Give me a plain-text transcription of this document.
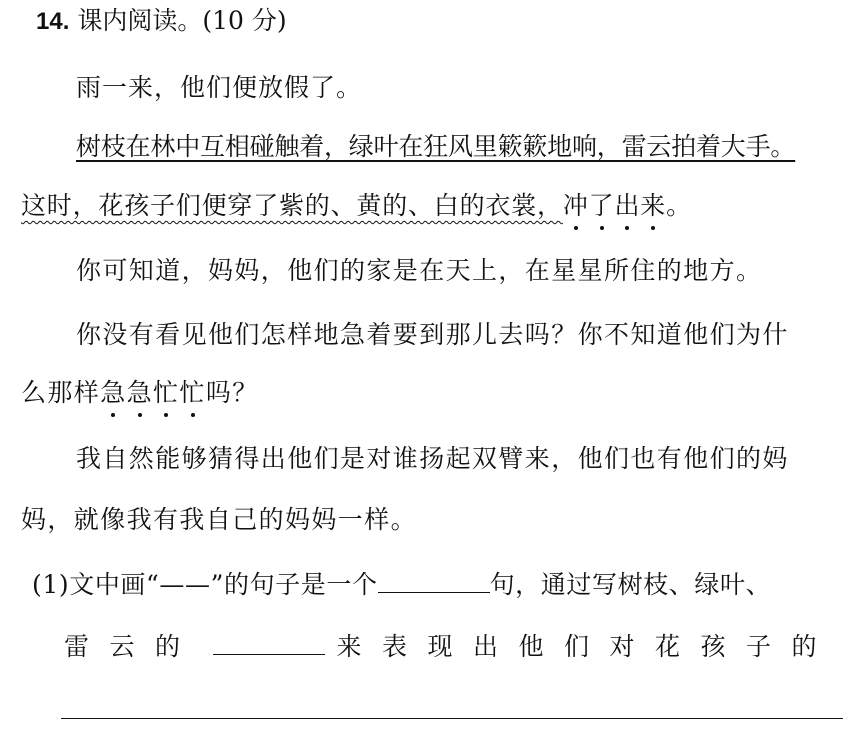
14. 课内阅读。(10 分)
雨一来，他们便放假了。
树枝在林中互相碰触着，绿叶在狂风里簌簌地响，雷云拍着大手。
这时，花孩子们便穿了紫的、黄的、白的衣裳，冲了出来。
你可知道，妈妈，他们的家是在天上，在星星所住的地方。
你没有看见他们怎样地急着要到那儿去吗？你不知道他们为什
么那样急急忙忙吗？
我自然能够猜得出他们是对谁扬起双臂来，他们也有他们的妈
妈，就像我有我自己的妈妈一样。
(1)文中画“——”的句子是一个	句，通过写树枝、绿叶、
雷云的	来表现出他们对花孩子的
